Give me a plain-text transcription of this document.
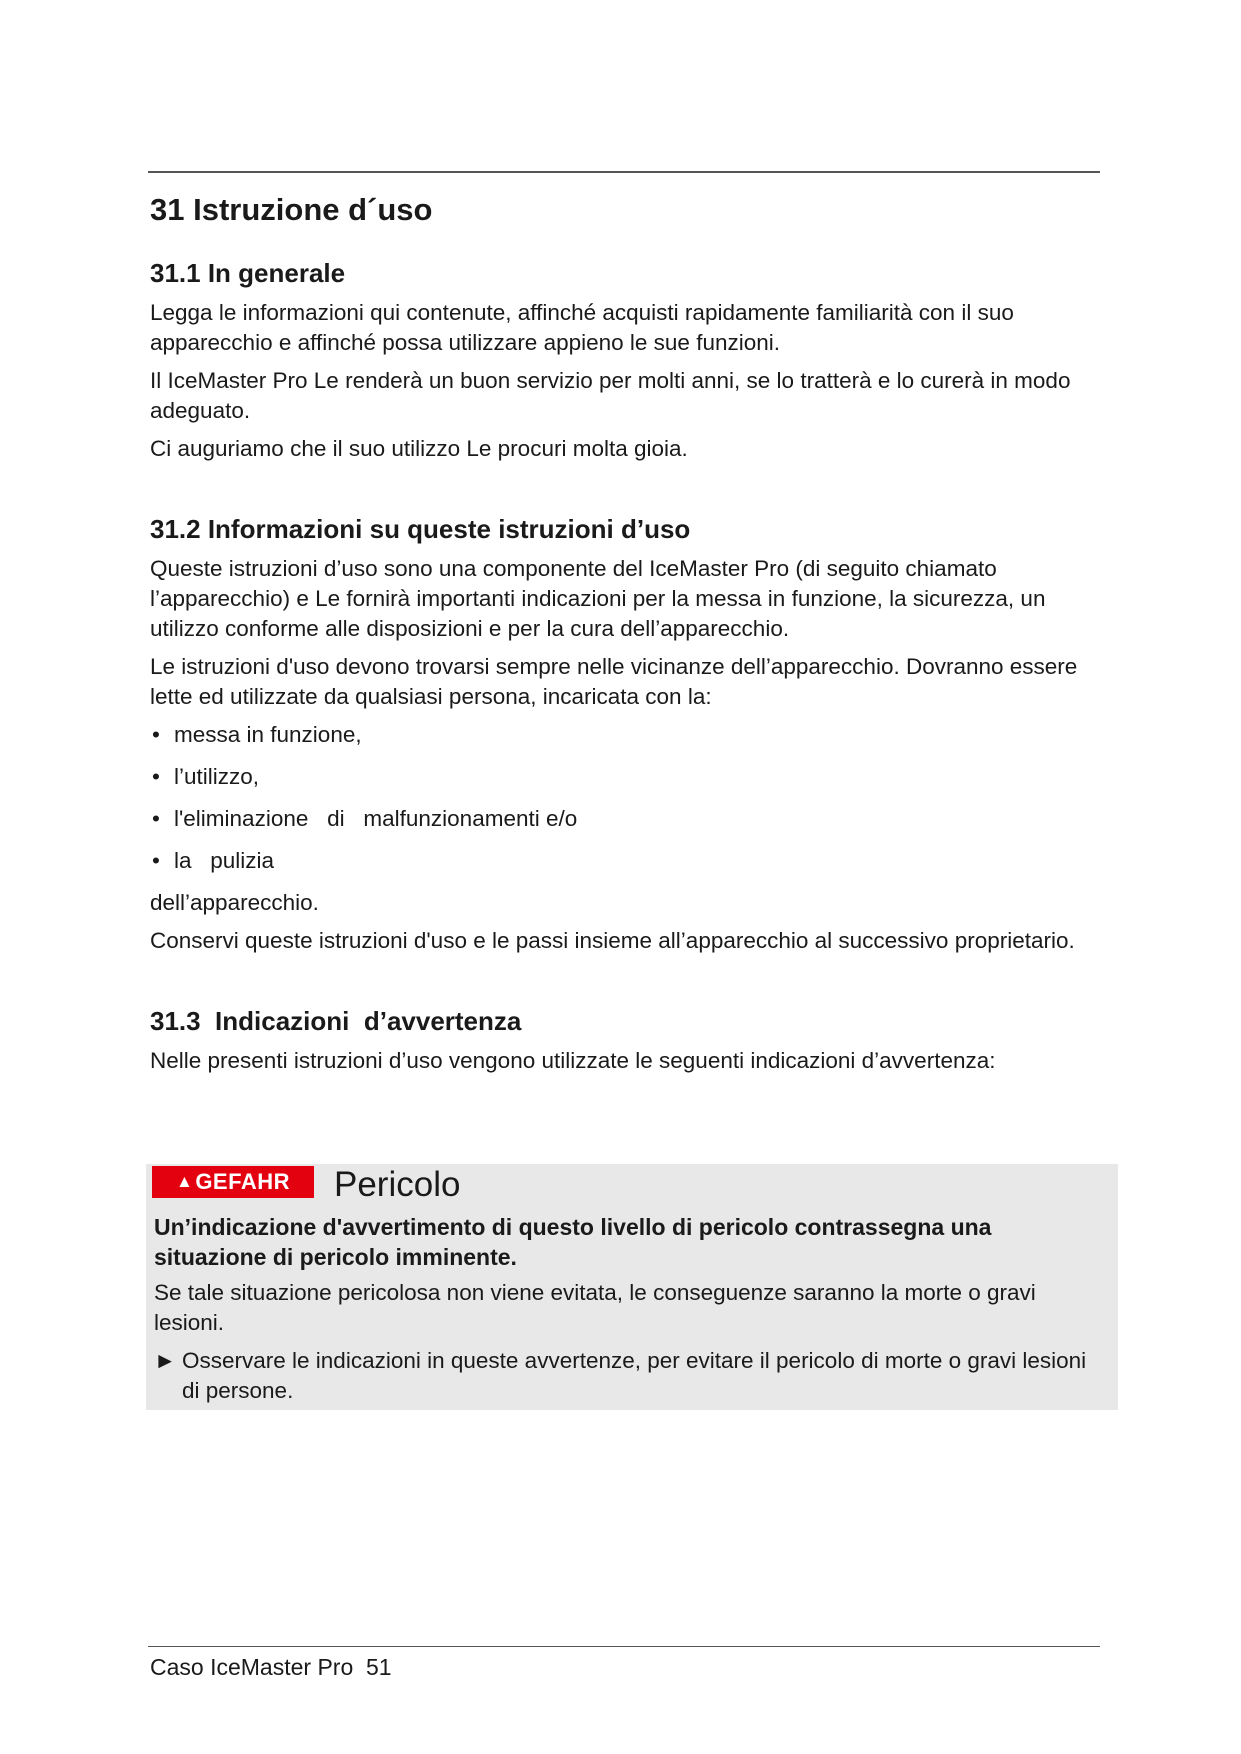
31 Istruzione d´uso
31.1 In generale

Legga le informazioni qui contenute, affinché acquisti rapidamente familiarità con il suo apparecchio e affinché possa utilizzare appieno le sue funzioni.

Il IceMaster Pro Le renderà un buon servizio per molti anni, se lo tratterà e lo curerà in modo adeguato.

Ci auguriamo che il suo utilizzo Le procuri molta gioia.

31.2 Informazioni su queste istruzioni d’uso

Queste istruzioni d’uso sono una componente del IceMaster Pro (di seguito chiamato l’apparecchio) e Le fornirà importanti indicazioni per la messa in funzione, la sicurezza, un utilizzo conforme alle disposizioni e per la cura dell’apparecchio.

Le istruzioni d'uso devono trovarsi sempre nelle vicinanze dell’apparecchio. Dovranno essere lette ed utilizzate da qualsiasi persona, incaricata con la:

• messa in funzione,
• l’utilizzo,
• l'eliminazione   di   malfunzionamenti e/o
• la   pulizia

dell’apparecchio.

Conservi queste istruzioni d'uso e le passi insieme all’apparecchio al successivo proprietario.

31.3  Indicazioni  d’avvertenza

Nelle presenti istruzioni d’uso vengono utilizzate le seguenti indicazioni d’avvertenza:

▲ GEFAHR Pericolo

Un’indicazione d'avvertimento di questo livello di pericolo contrassegna una situazione di pericolo imminente.

Se tale situazione pericolosa non viene evitata, le conseguenze saranno la morte o gravi lesioni.

► Osservare le indicazioni in queste avvertenze, per evitare il pericolo di morte o gravi lesioni di persone.
Caso IceMaster Pro  51
